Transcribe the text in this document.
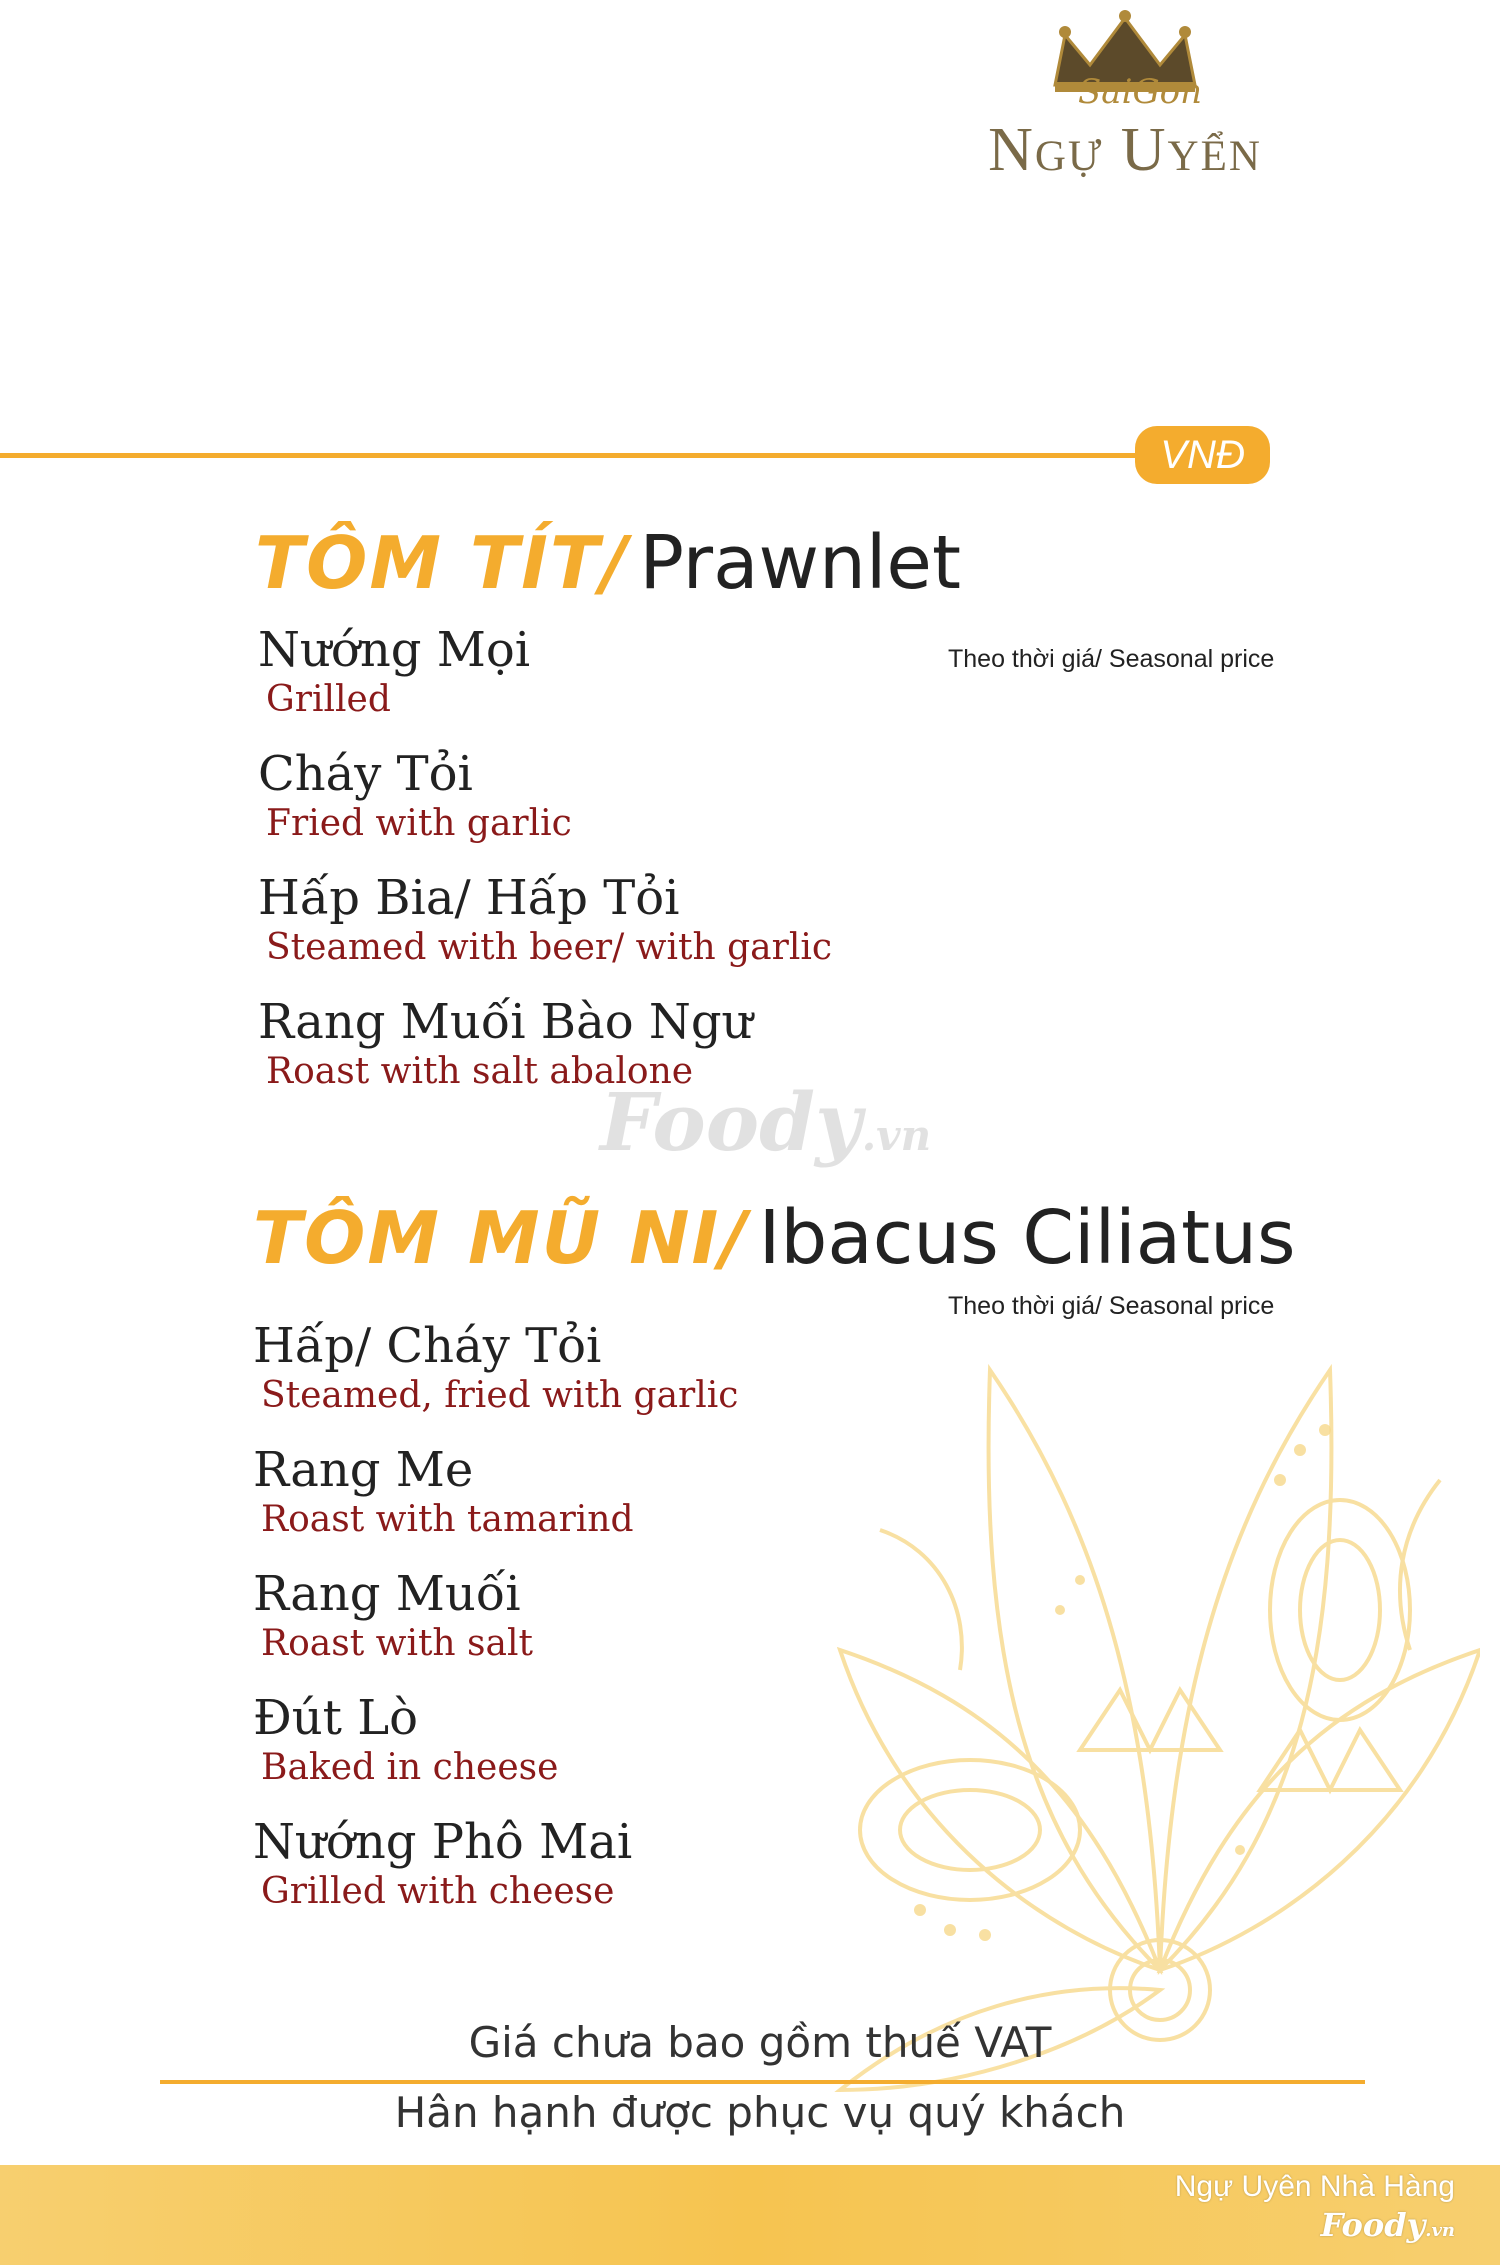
SaiGon
Ngự Uyển
VNĐ
TÔM TÍT/ Prawnlet
Theo thời giá/ Seasonal price
Nướng Mọi
Grilled
Cháy Tỏi
Fried with garlic
Hấp Bia/ Hấp Tỏi
Steamed with beer/ with garlic
Rang Muối Bào Ngư
Roast with salt abalone
TÔM MŨ NI/ Ibacus Ciliatus
Theo thời giá/ Seasonal price
Hấp/ Cháy Tỏi
Steamed, fried with garlic
Rang Me
Roast with tamarind
Rang Muối
Roast with salt
Đút Lò
Baked in cheese
Nướng Phô Mai
Grilled with cheese
Foody.vn
Giá chưa bao gồm thuế VAT
Hân hạnh được phục vụ quý khách
Ngự Uyên Nhà Hàng
Foody.vn
